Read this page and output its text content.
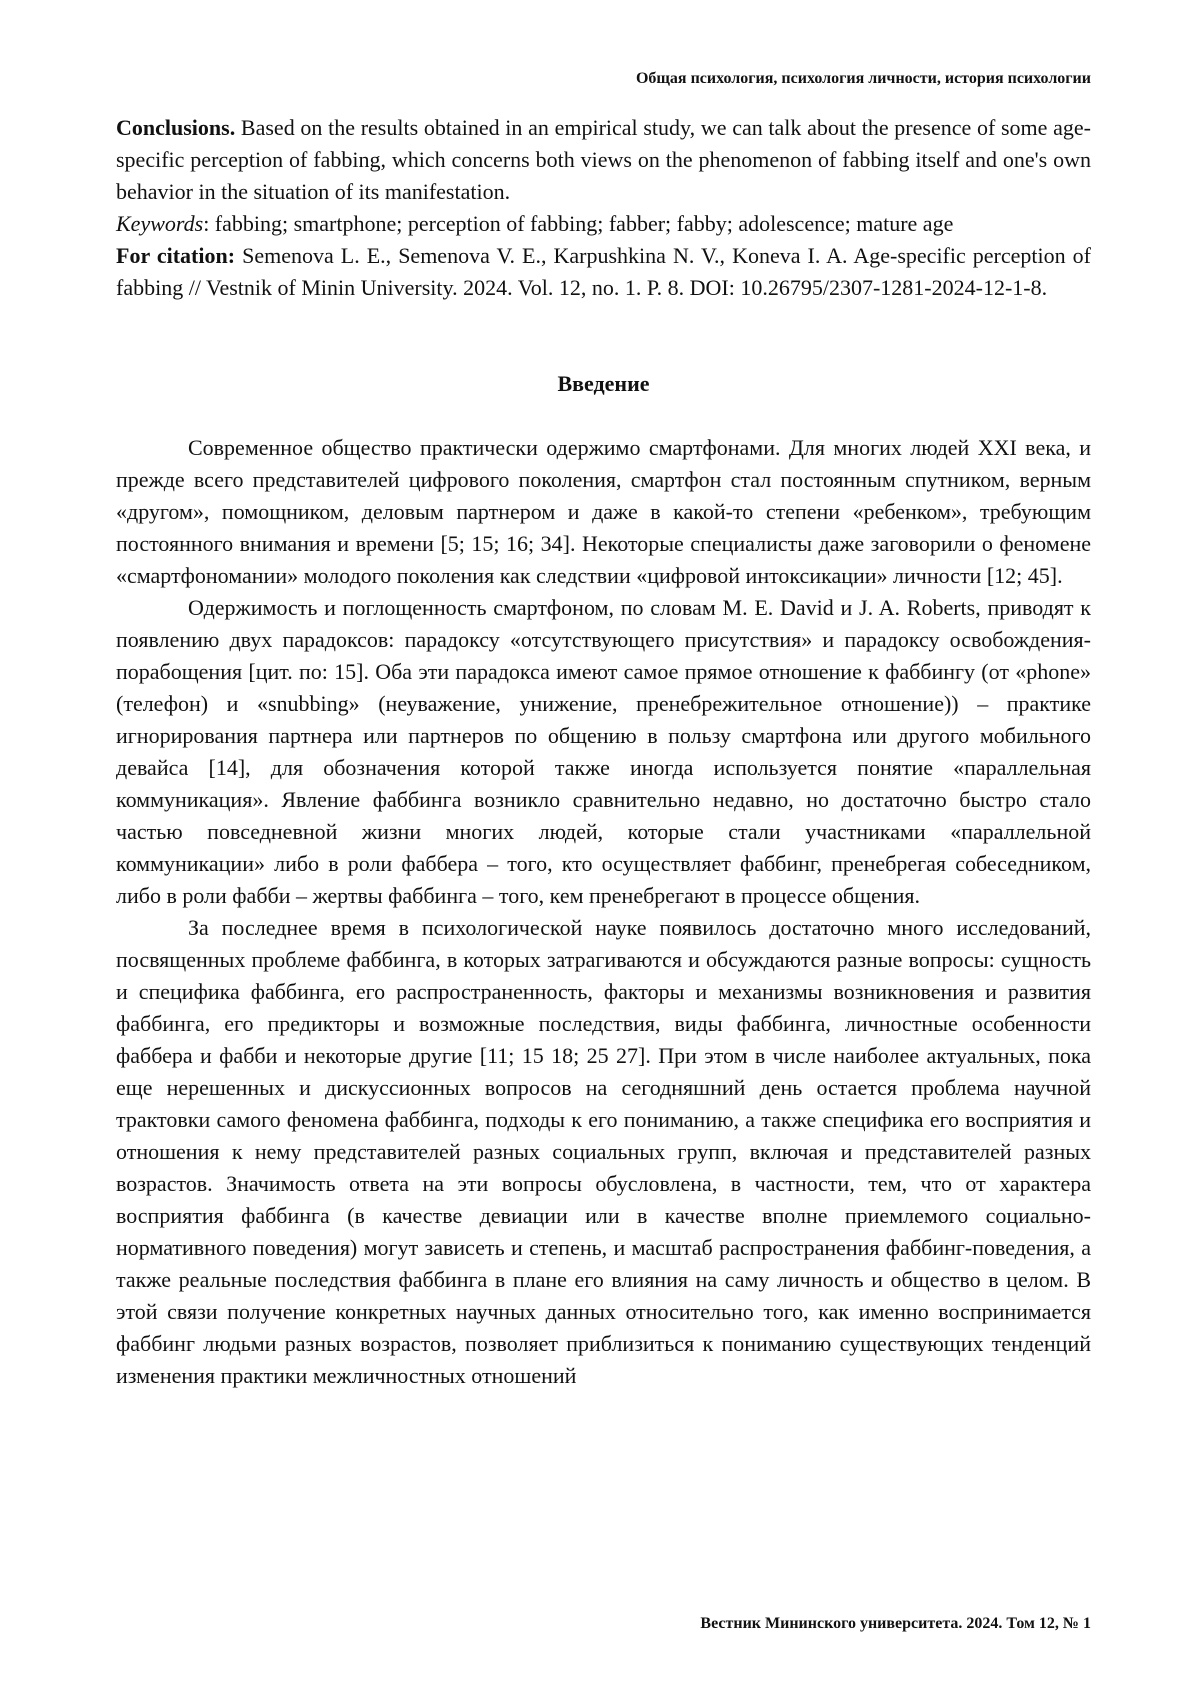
Общая психология, психология личности, история психологии

Conclusions. Based on the results obtained in an empirical study, we can talk about the presence of some age-specific perception of fabbing, which concerns both views on the phenomenon of fabbing itself and one's own behavior in the situation of its manifestation.

Keywords: fabbing; smartphone; perception of fabbing; fabber; fabby; adolescence; mature age

For citation: Semenova L. E., Semenova V. E., Karpushkina N. V., Koneva I. A. Age-specific perception of fabbing // Vestnik of Minin University. 2024. Vol. 12, no. 1. P. 8. DOI: 10.26795/2307-1281-2024-12-1-8.

Введение

Современное общество практически одержимо смартфонами. Для многих людей XXI века, и прежде всего представителей цифрового поколения, смартфон стал постоянным спутником, верным «другом», помощником, деловым партнером и даже в какой-то степени «ребенком», требующим постоянного внимания и времени [5; 15; 16; 34]. Некоторые специалисты даже заговорили о феномене «смартфономании» молодого поколения как следствии «цифровой интоксикации» личности [12; 45].

Одержимость и поглощенность смартфоном, по словам M. E. David и J. A. Roberts, приводят к появлению двух парадоксов: парадоксу «отсутствующего присутствия» и парадоксу освобождения-порабощения [цит. по: 15]. Оба эти парадокса имеют самое прямое отношение к фаббингу (от «phone» (телефон) и «snubbing» (неуважение, унижение, пренебрежительное отношение)) – практике игнорирования партнера или партнеров по общению в пользу смартфона или другого мобильного девайса [14], для обозначения которой также иногда используется понятие «параллельная коммуникация». Явление фаббинга возникло сравнительно недавно, но достаточно быстро стало частью повседневной жизни многих людей, которые стали участниками «параллельной коммуникации» либо в роли фаббера – того, кто осуществляет фаббинг, пренебрегая собеседником, либо в роли фабби – жертвы фаббинга – того, кем пренебрегают в процессе общения.

За последнее время в психологической науке появилось достаточно много исследований, посвященных проблеме фаббинга, в которых затрагиваются и обсуждаются разные вопросы: сущность и специфика фаббинга, его распространенность, факторы и механизмы возникновения и развития фаббинга, его предикторы и возможные последствия, виды фаббинга, личностные особенности фаббера и фабби и некоторые другие [11; 15 18; 25 27]. При этом в числе наиболее актуальных, пока еще нерешенных и дискуссионных вопросов на сегодняшний день остается проблема научной трактовки самого феномена фаббинга, подходы к его пониманию, а также специфика его восприятия и отношения к нему представителей разных социальных групп, включая и представителей разных возрастов. Значимость ответа на эти вопросы обусловлена, в частности, тем, что от характера восприятия фаббинга (в качестве девиации или в качестве вполне приемлемого социально-нормативного поведения) могут зависеть и степень, и масштаб распространения фаббинг-поведения, а также реальные последствия фаббинга в плане его влияния на саму личность и общество в целом. В этой связи получение конкретных научных данных относительно того, как именно воспринимается фаббинг людьми разных возрастов, позволяет приблизиться к пониманию существующих тенденций изменения практики межличностных отношений

Вестник Мининского университета. 2024. Том 12, № 1
